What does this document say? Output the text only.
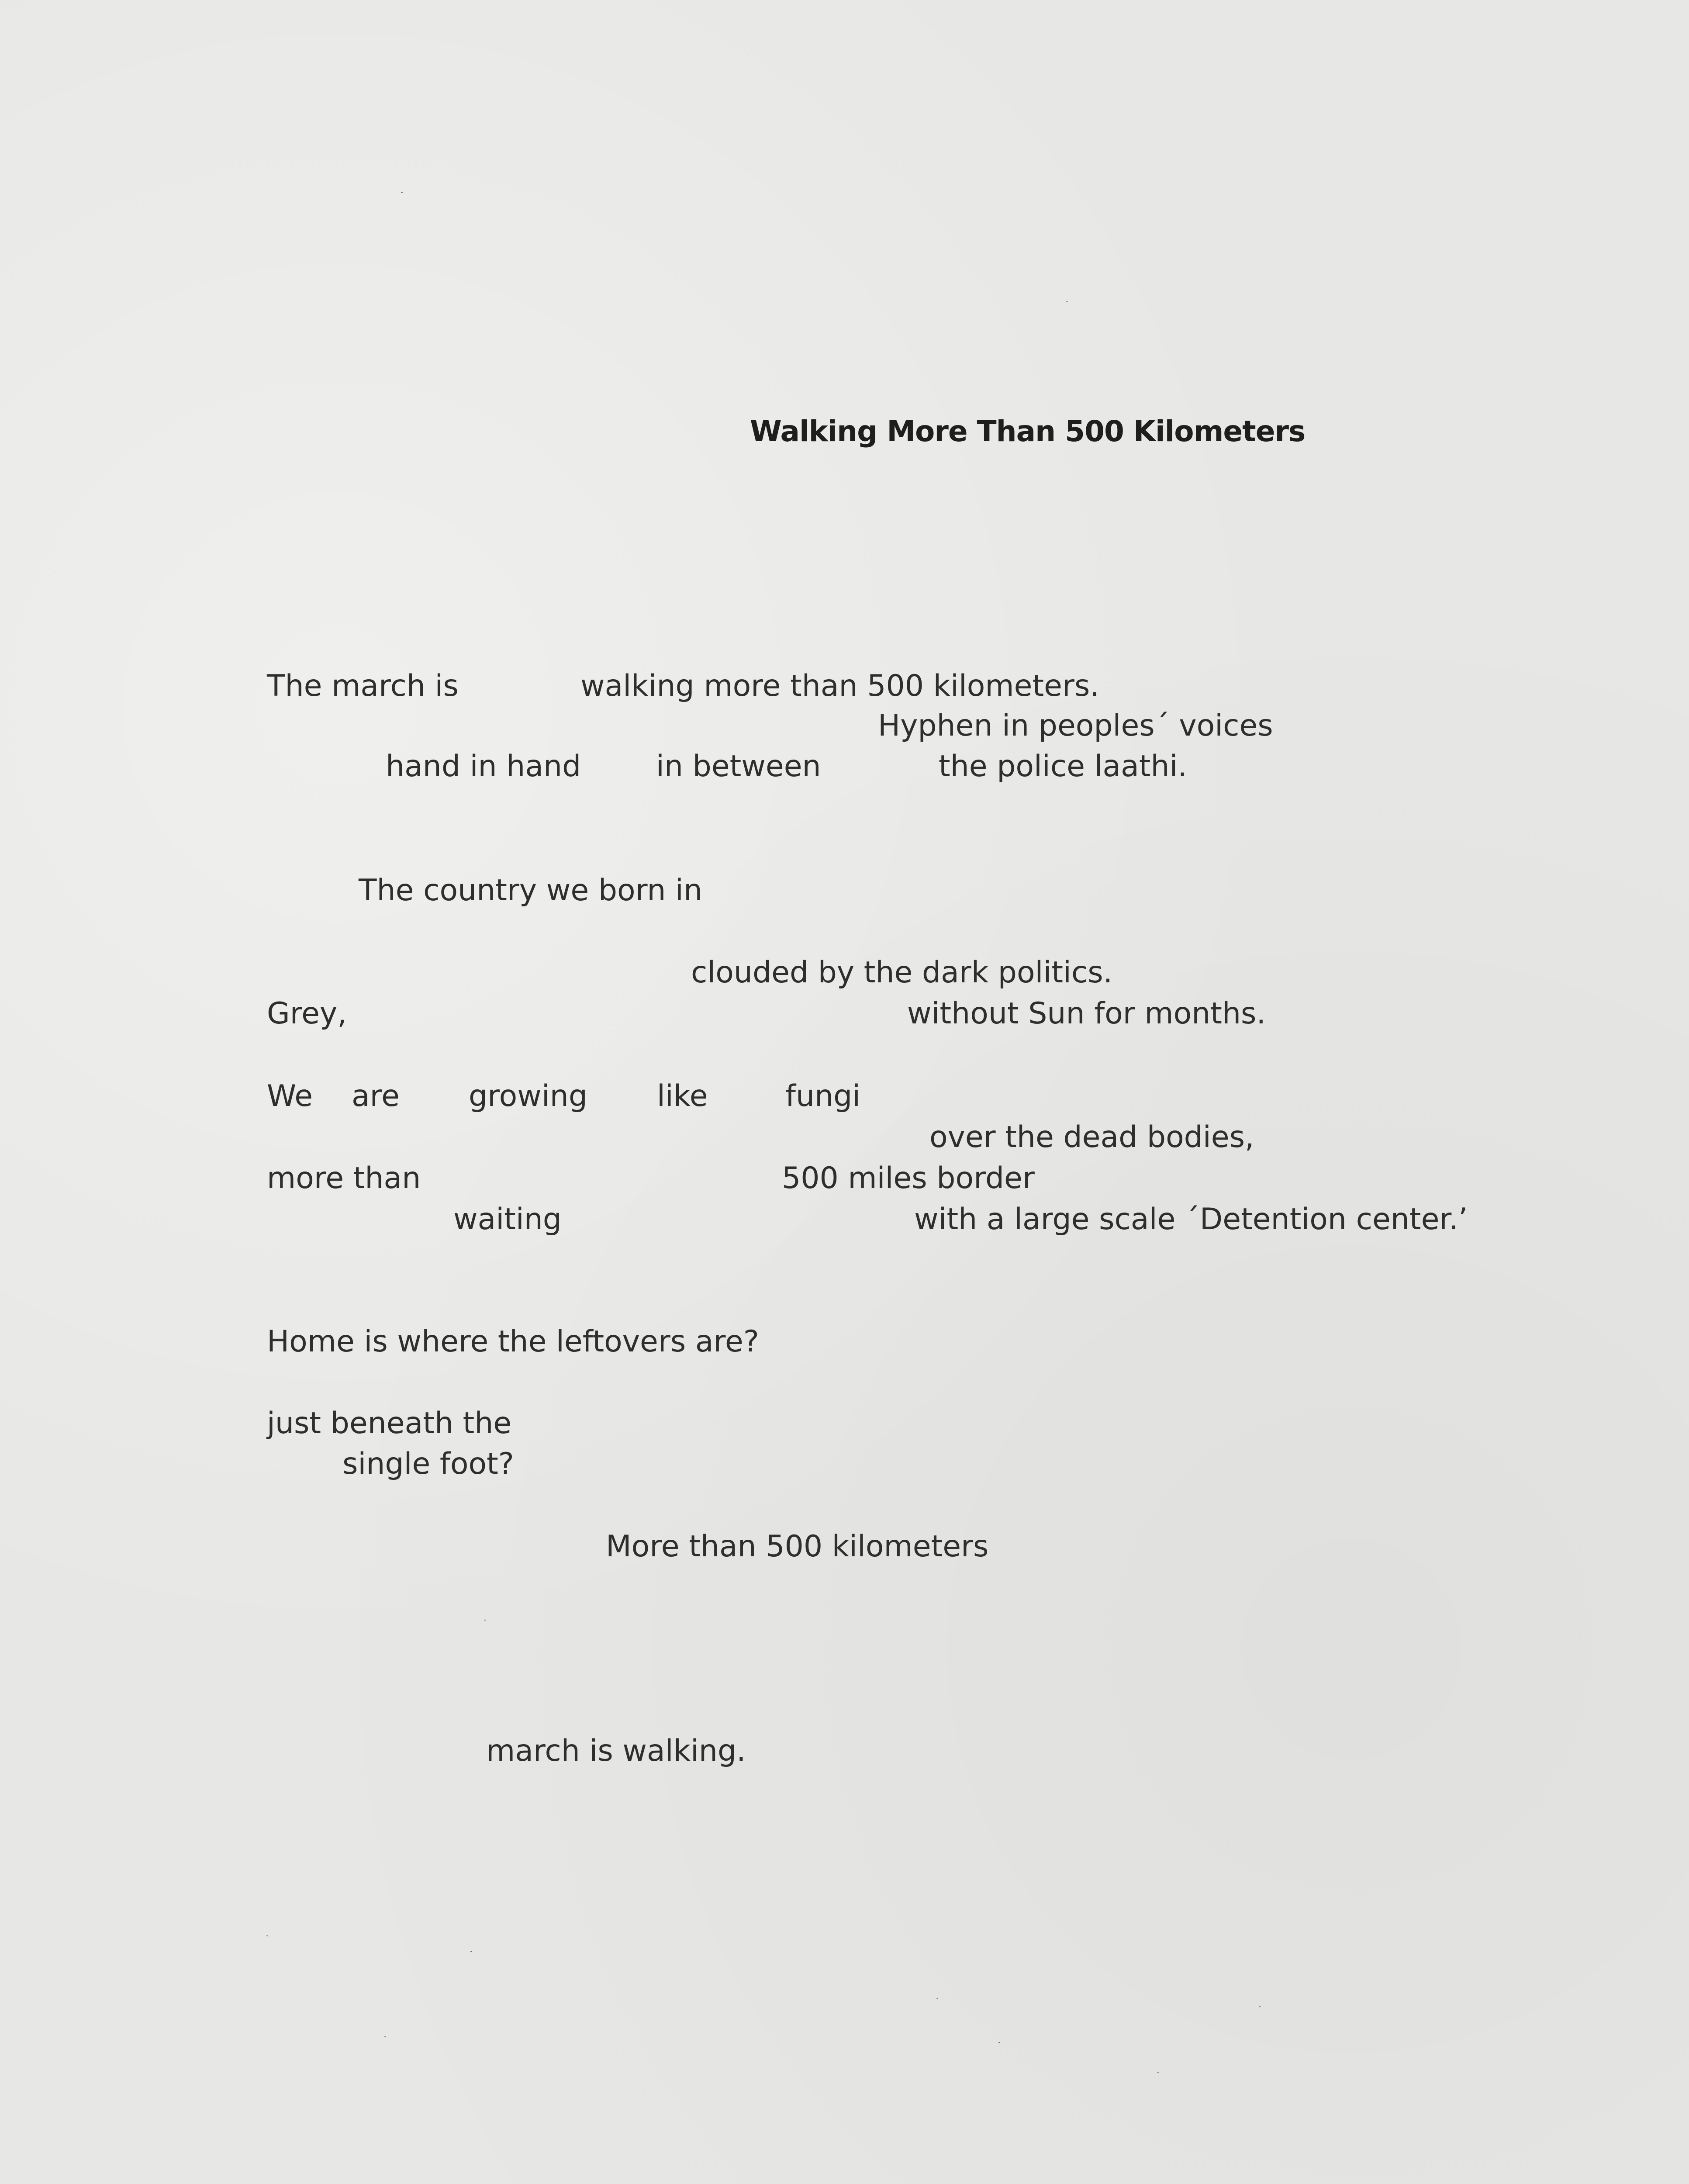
Walking More Than 500 Kilometers
The march is	walking more than 500 kilometers.
Hyphen in peoples´ voices
hand in hand	in between	the police laathi.
The country we born in
clouded by the dark politics.
Grey,	without Sun for months.
We are growing like	fungi
over the dead bodies,
more than	500 miles border
waiting	with a large scale ´Detention center.’
Home is where the leftovers are?
just beneath the
single foot?
More than 500 kilometers
march is walking.
